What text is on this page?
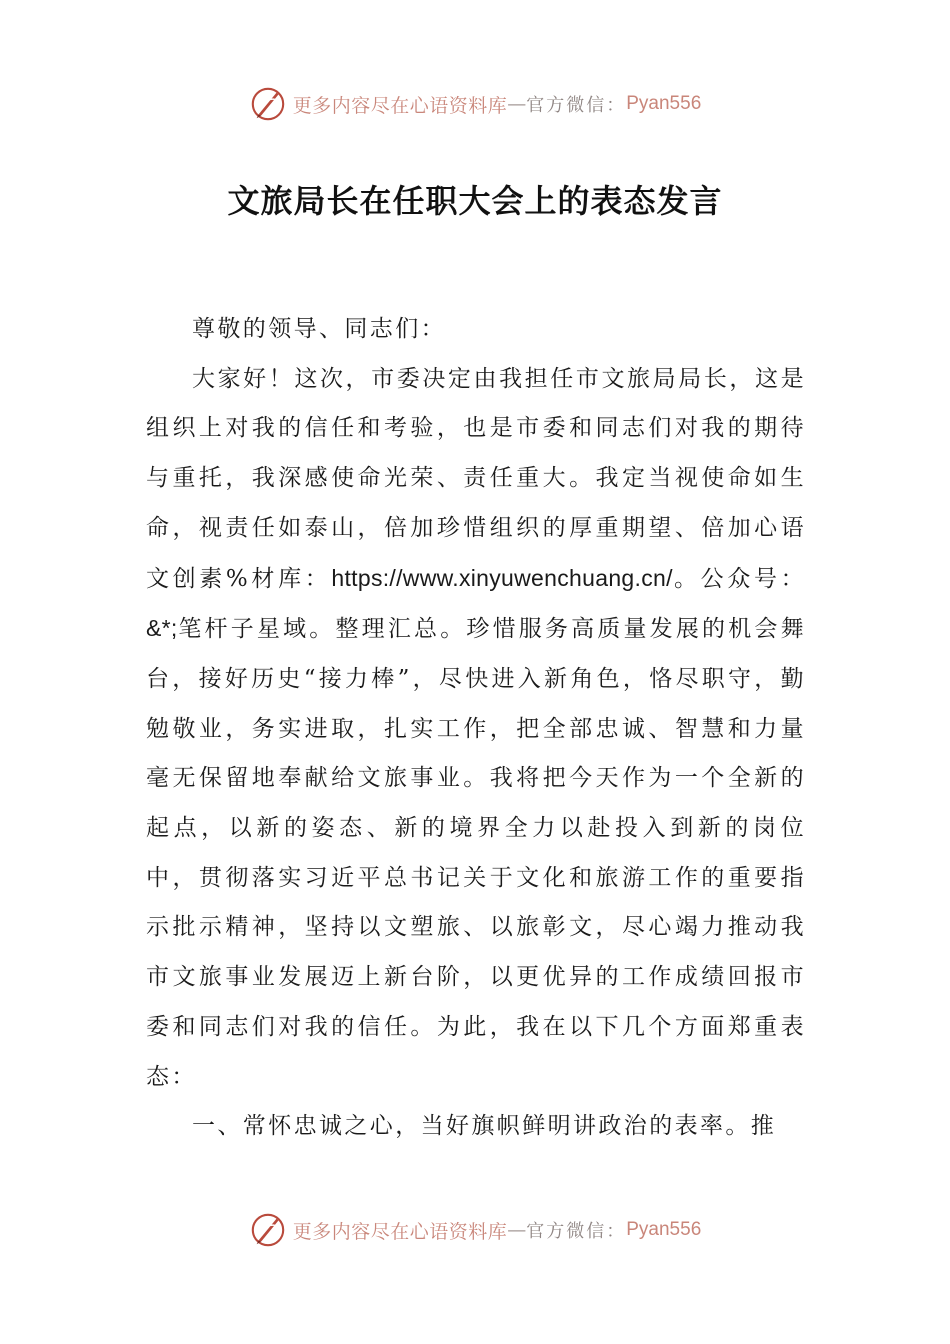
更多内容尽在心语资料库 — 官方微信： Pyan556
文旅局长在任职大会上的表态发言

尊敬的领导、同志们：

大家好！这次，市委决定由我担任市文旅局局长，这是组织上对我的信任和考验，也是市委和同志们对我的期待与重托，我深感使命光荣、责任重大。我定当视使命如生命，视责任如泰山，倍加珍惜组织的厚重期望、倍加心语文创素%材库：https://www.xinyuwenchuang.cn/。公众号：&*;笔杆子星域。整理汇总。珍惜服务高质量发展的机会舞台，接好历史“接力棒”，尽快进入新角色，恪尽职守，勤勉敬业，务实进取，扎实工作，把全部忠诚、智慧和力量毫无保留地奉献给文旅事业。我将把今天作为一个全新的起点，以新的姿态、新的境界全力以赴投入到新的岗位中，贯彻落实习近平总书记关于文化和旅游工作的重要指示批示精神，坚持以文塑旅、以旅彰文，尽心竭力推动我市文旅事业发展迈上新台阶，以更优异的工作成绩回报市委和同志们对我的信任。为此，我在以下几个方面郑重表态：

一、常怀忠诚之心，当好旗帜鲜明讲政治的表率。推

更多内容尽在心语资料库 — 官方微信： Pyan556
